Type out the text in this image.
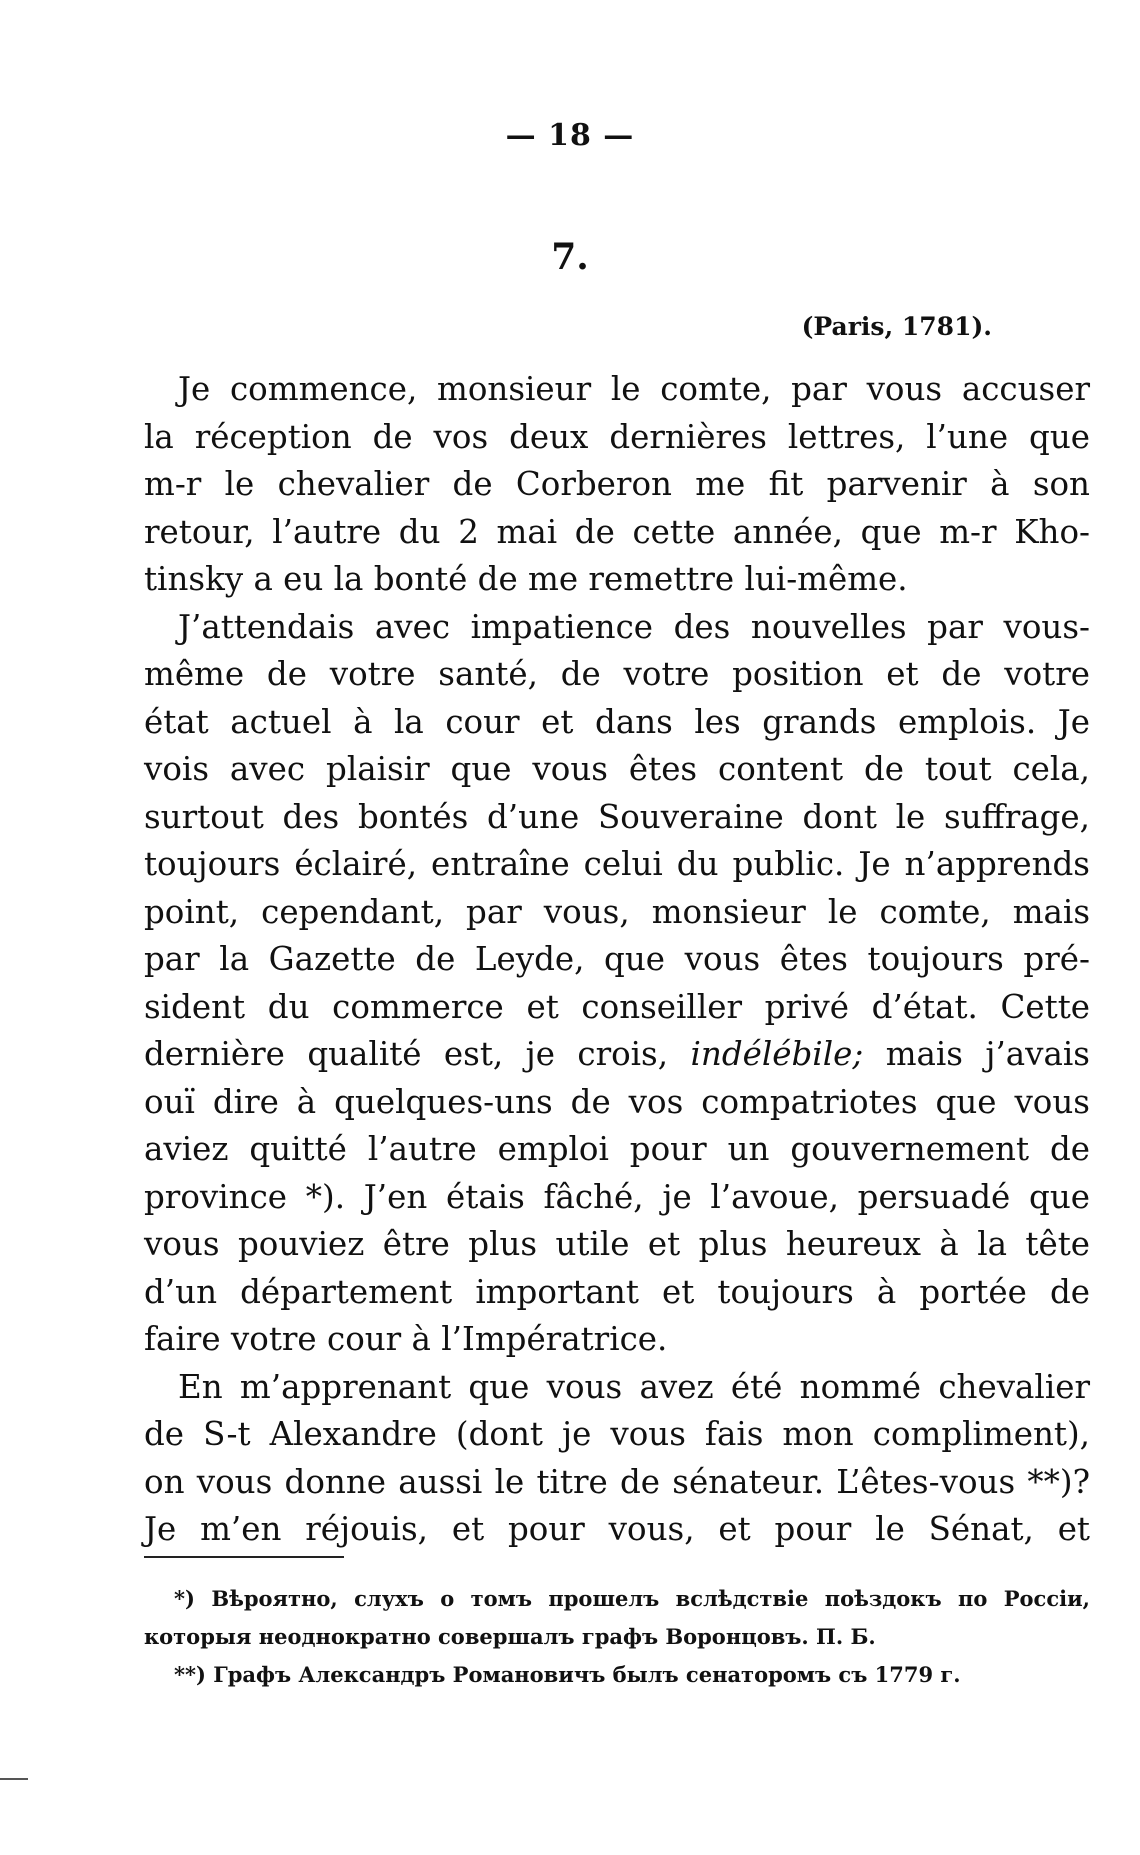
— 18 —
7.
(Paris, 1781).
Je commence, monsieur le comte, par vous accuser
la réception de vos deux dernières lettres, l’une que
m-r le chevalier de Corberon me fit parvenir à son
retour, l’autre du 2 mai de cette année, que m-r Kho-
tinsky a eu la bonté de me remettre lui-même.
J’attendais avec impatience des nouvelles par vous-
même de votre santé, de votre position et de votre
état actuel à la cour et dans les grands emplois. Je
vois avec plaisir que vous êtes content de tout cela,
surtout des bontés d’une Souveraine dont le suffrage,
toujours éclairé, entraîne celui du public. Je n’apprends
point, cependant, par vous, monsieur le comte, mais
par la Gazette de Leyde, que vous êtes toujours pré-
sident du commerce et conseiller privé d’état. Cette
dernière qualité est, je crois, indélébile; mais j’avais
ouï dire à quelques-uns de vos compatriotes que vous
aviez quitté l’autre emploi pour un gouvernement de
province *). J’en étais fâché, je l’avoue, persuadé que
vous pouviez être plus utile et plus heureux à la tête
d’un département important et toujours à portée de
faire votre cour à l’Impératrice.
En m’apprenant que vous avez été nommé chevalier
de S-t Alexandre (dont je vous fais mon compliment),
on vous donne aussi le titre de sénateur. L’êtes-vous **)?
Je m’en réjouis, et pour vous, et pour le Sénat, et
*) Вѣроятно, слухъ о томъ прошелъ вслѣдствіе поѣздокъ по Россіи,
которыя неоднократно совершалъ графъ Воронцовъ. П. Б.
**) Графъ Александръ Романовичъ былъ сенаторомъ съ 1779 г.
